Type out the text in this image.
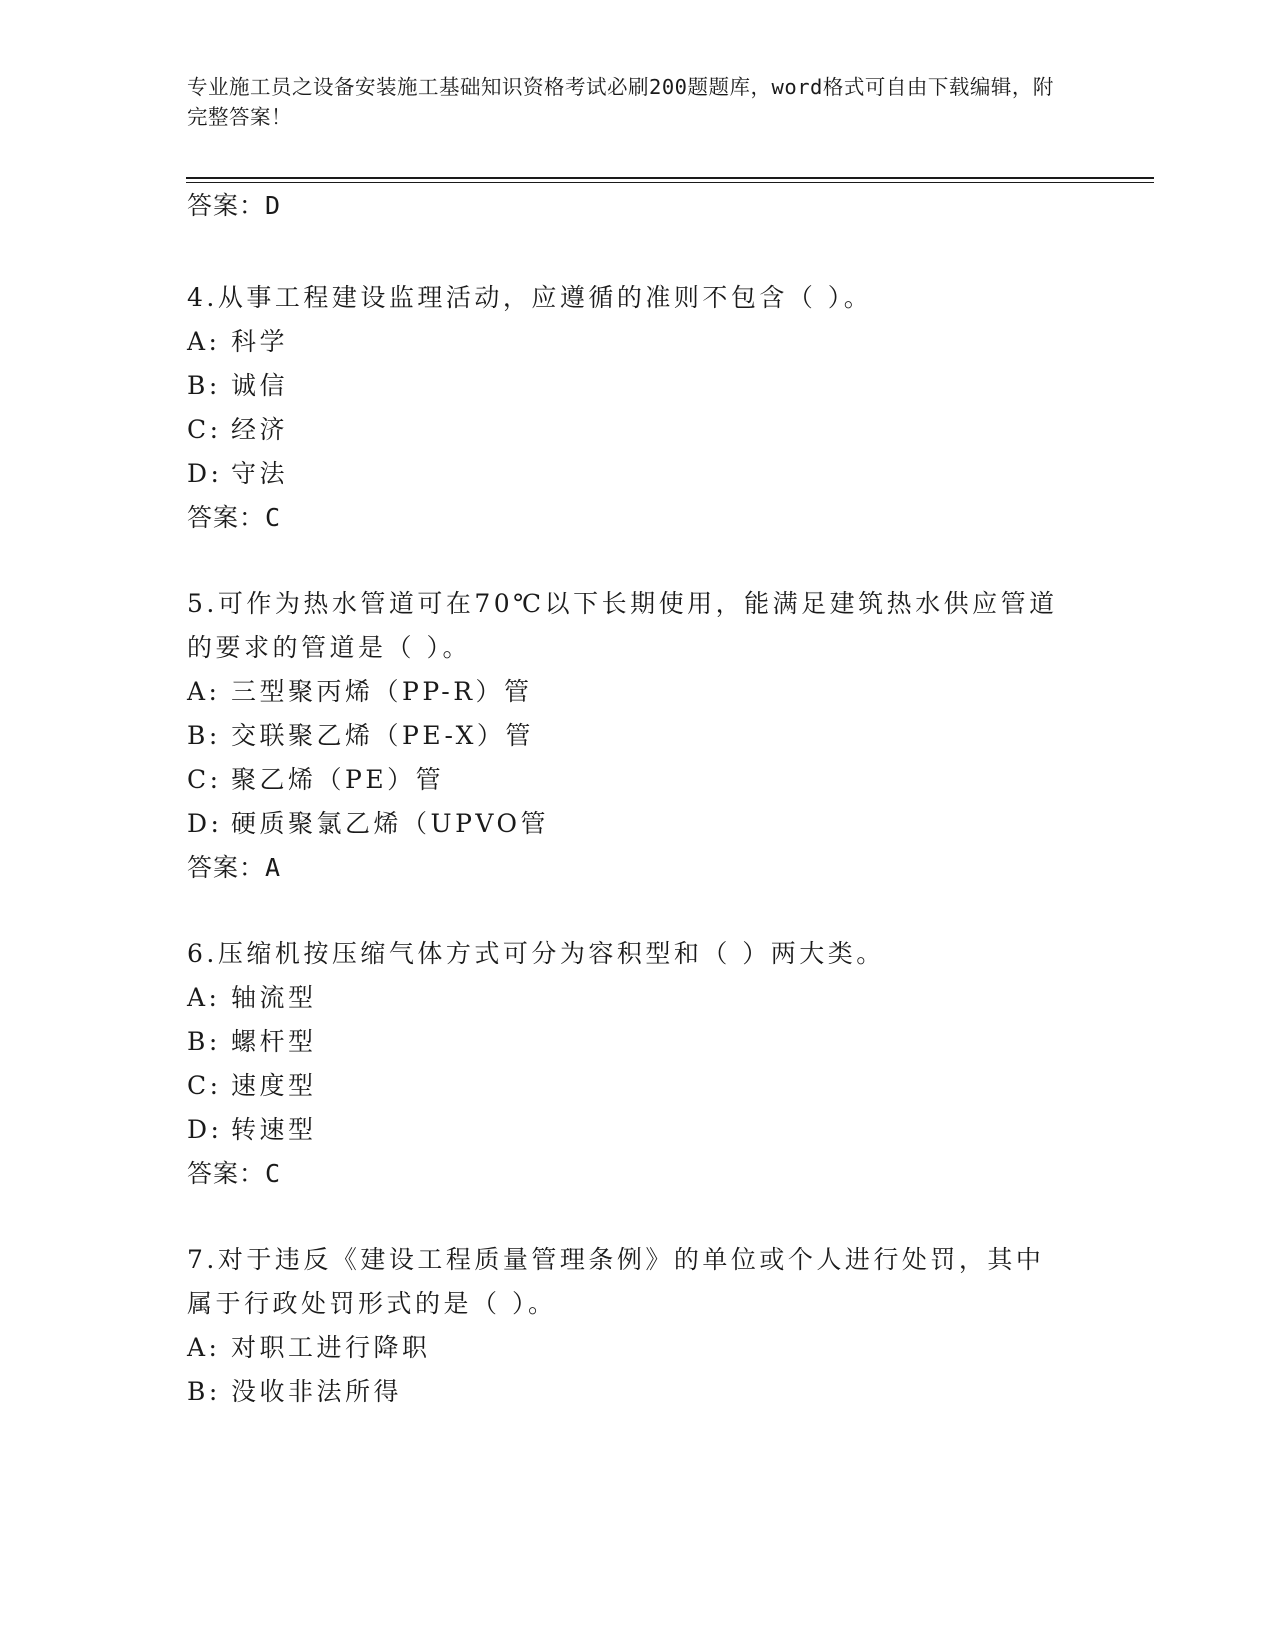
专业施工员之设备安装施工基础知识资格考试必刷200题题库，word格式可自由下载编辑，附完整答案！
答案：D
4.从事工程建设监理活动，应遵循的准则不包含（ ）。
A: 科学
B: 诚信
C: 经济
D: 守法
答案：C
5.可作为热水管道可在70℃以下长期使用，能满足建筑热水供应管道
的要求的管道是（ ）。
A: 三型聚丙烯（PP-R）管
B: 交联聚乙烯（PE-X）管
C: 聚乙烯（PE）管
D: 硬质聚氯乙烯（UPVO管
答案：A
6.压缩机按压缩气体方式可分为容积型和（ ）两大类。
A: 轴流型
B: 螺杆型
C: 速度型
D: 转速型
答案：C
7.对于违反《建设工程质量管理条例》的单位或个人进行处罚，其中
属于行政处罚形式的是（ ）。
A: 对职工进行降职
B: 没收非法所得
